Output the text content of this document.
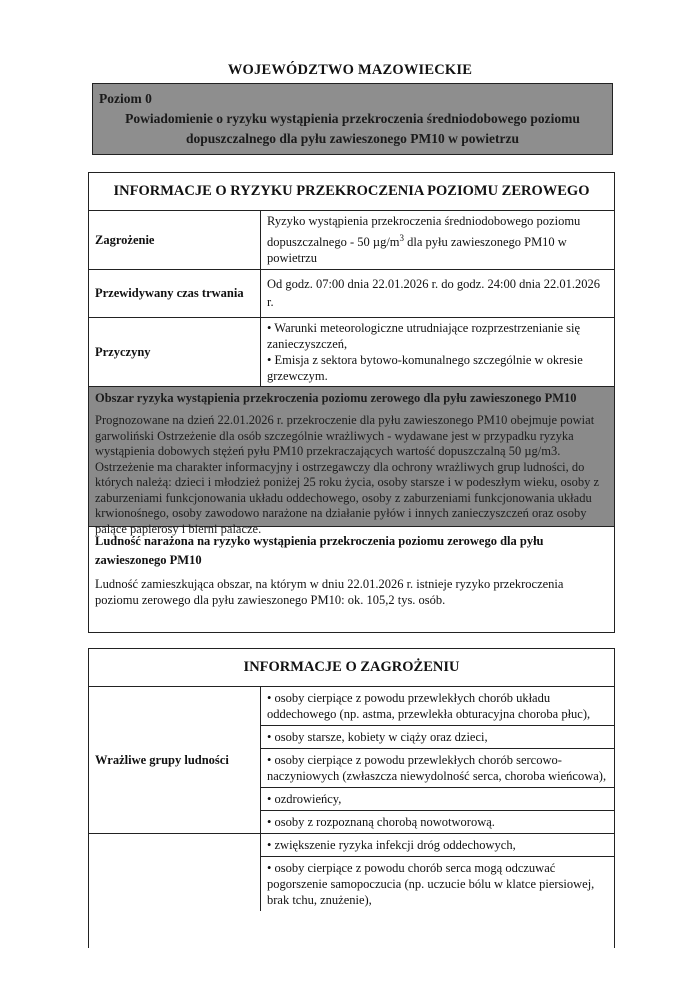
WOJEWÓDZTWO MAZOWIECKIE
Poziom 0
Powiadomienie o ryzyku wystąpienia przekroczenia średniodobowego poziomu dopuszczalnego dla pyłu zawieszonego PM10 w powietrzu
INFORMACJE O RYZYKU PRZEKROCZENIA POZIOMU ZEROWEGO
Zagrożenie	Ryzyko wystąpienia przekroczenia średniodobowego poziomu dopuszczalnego - 50 $\mu g/m^3$ dla pyłu zawieszonego PM10 w powietrzu
Przewidywany czas trwania	Od godz. 07:00 dnia 22.01.2026 r. do godz. 24:00 dnia 22.01.2026 r.
Przyczyny	• Warunki meteorologiczne utrudniające rozprzestrzenianie się zanieczyszczeń,
• Emisja z sektora bytowo-komunalnego szczególnie w okresie grzewczym.
Obszar ryzyka wystąpienia przekroczenia poziomu zerowego dla pyłu zawieszonego PM10
Prognozowane na dzień 22.01.2026 r. przekroczenie dla pyłu zawieszonego PM10 obejmuje powiat garwoliński Ostrzeżenie dla osób szczególnie wrażliwych - wydawane jest w przypadku ryzyka wystąpienia dobowych stężeń pyłu PM10 przekraczających wartość dopuszczalną 50 µg/m3. Ostrzeżenie ma charakter informacyjny i ostrzegawczy dla ochrony wrażliwych grup ludności, do których należą: dzieci i młodzież poniżej 25 roku życia, osoby starsze i w podeszłym wieku, osoby z zaburzeniami funkcjonowania układu oddechowego, osoby z zaburzeniami funkcjonowania układu krwionośnego, osoby zawodowo narażone na działanie pyłów i innych zanieczyszczeń oraz osoby palące papierosy i bierni palacze.
Ludność narażona na ryzyko wystąpienia przekroczenia poziomu zerowego dla pyłu zawieszonego PM10
Ludność zamieszkująca obszar, na którym w dniu 22.01.2026 r. istnieje ryzyko przekroczenia poziomu zerowego dla pyłu zawieszonego PM10: ok. 105,2 tys. osób.
INFORMACJE O ZAGROŻENIU
Wrażliwe grupy ludności	• osoby cierpiące z powodu przewlekłych chorób układu oddechowego (np. astma, przewlekła obturacyjna choroba płuc),
• osoby starsze, kobiety w ciąży oraz dzieci,
• osoby cierpiące z powodu przewlekłych chorób sercowo-naczyniowych (zwłaszcza niewydolność serca, choroba wieńcowa),
• ozdrowieńcy,
• osoby z rozpoznaną chorobą nowotworową.

	• zwiększenie ryzyka infekcji dróg oddechowych,
• osoby cierpiące z powodu chorób serca mogą odczuwać pogorszenie samopoczucia (np. uczucie bólu w klatce piersiowej, brak tchu, znużenie),
